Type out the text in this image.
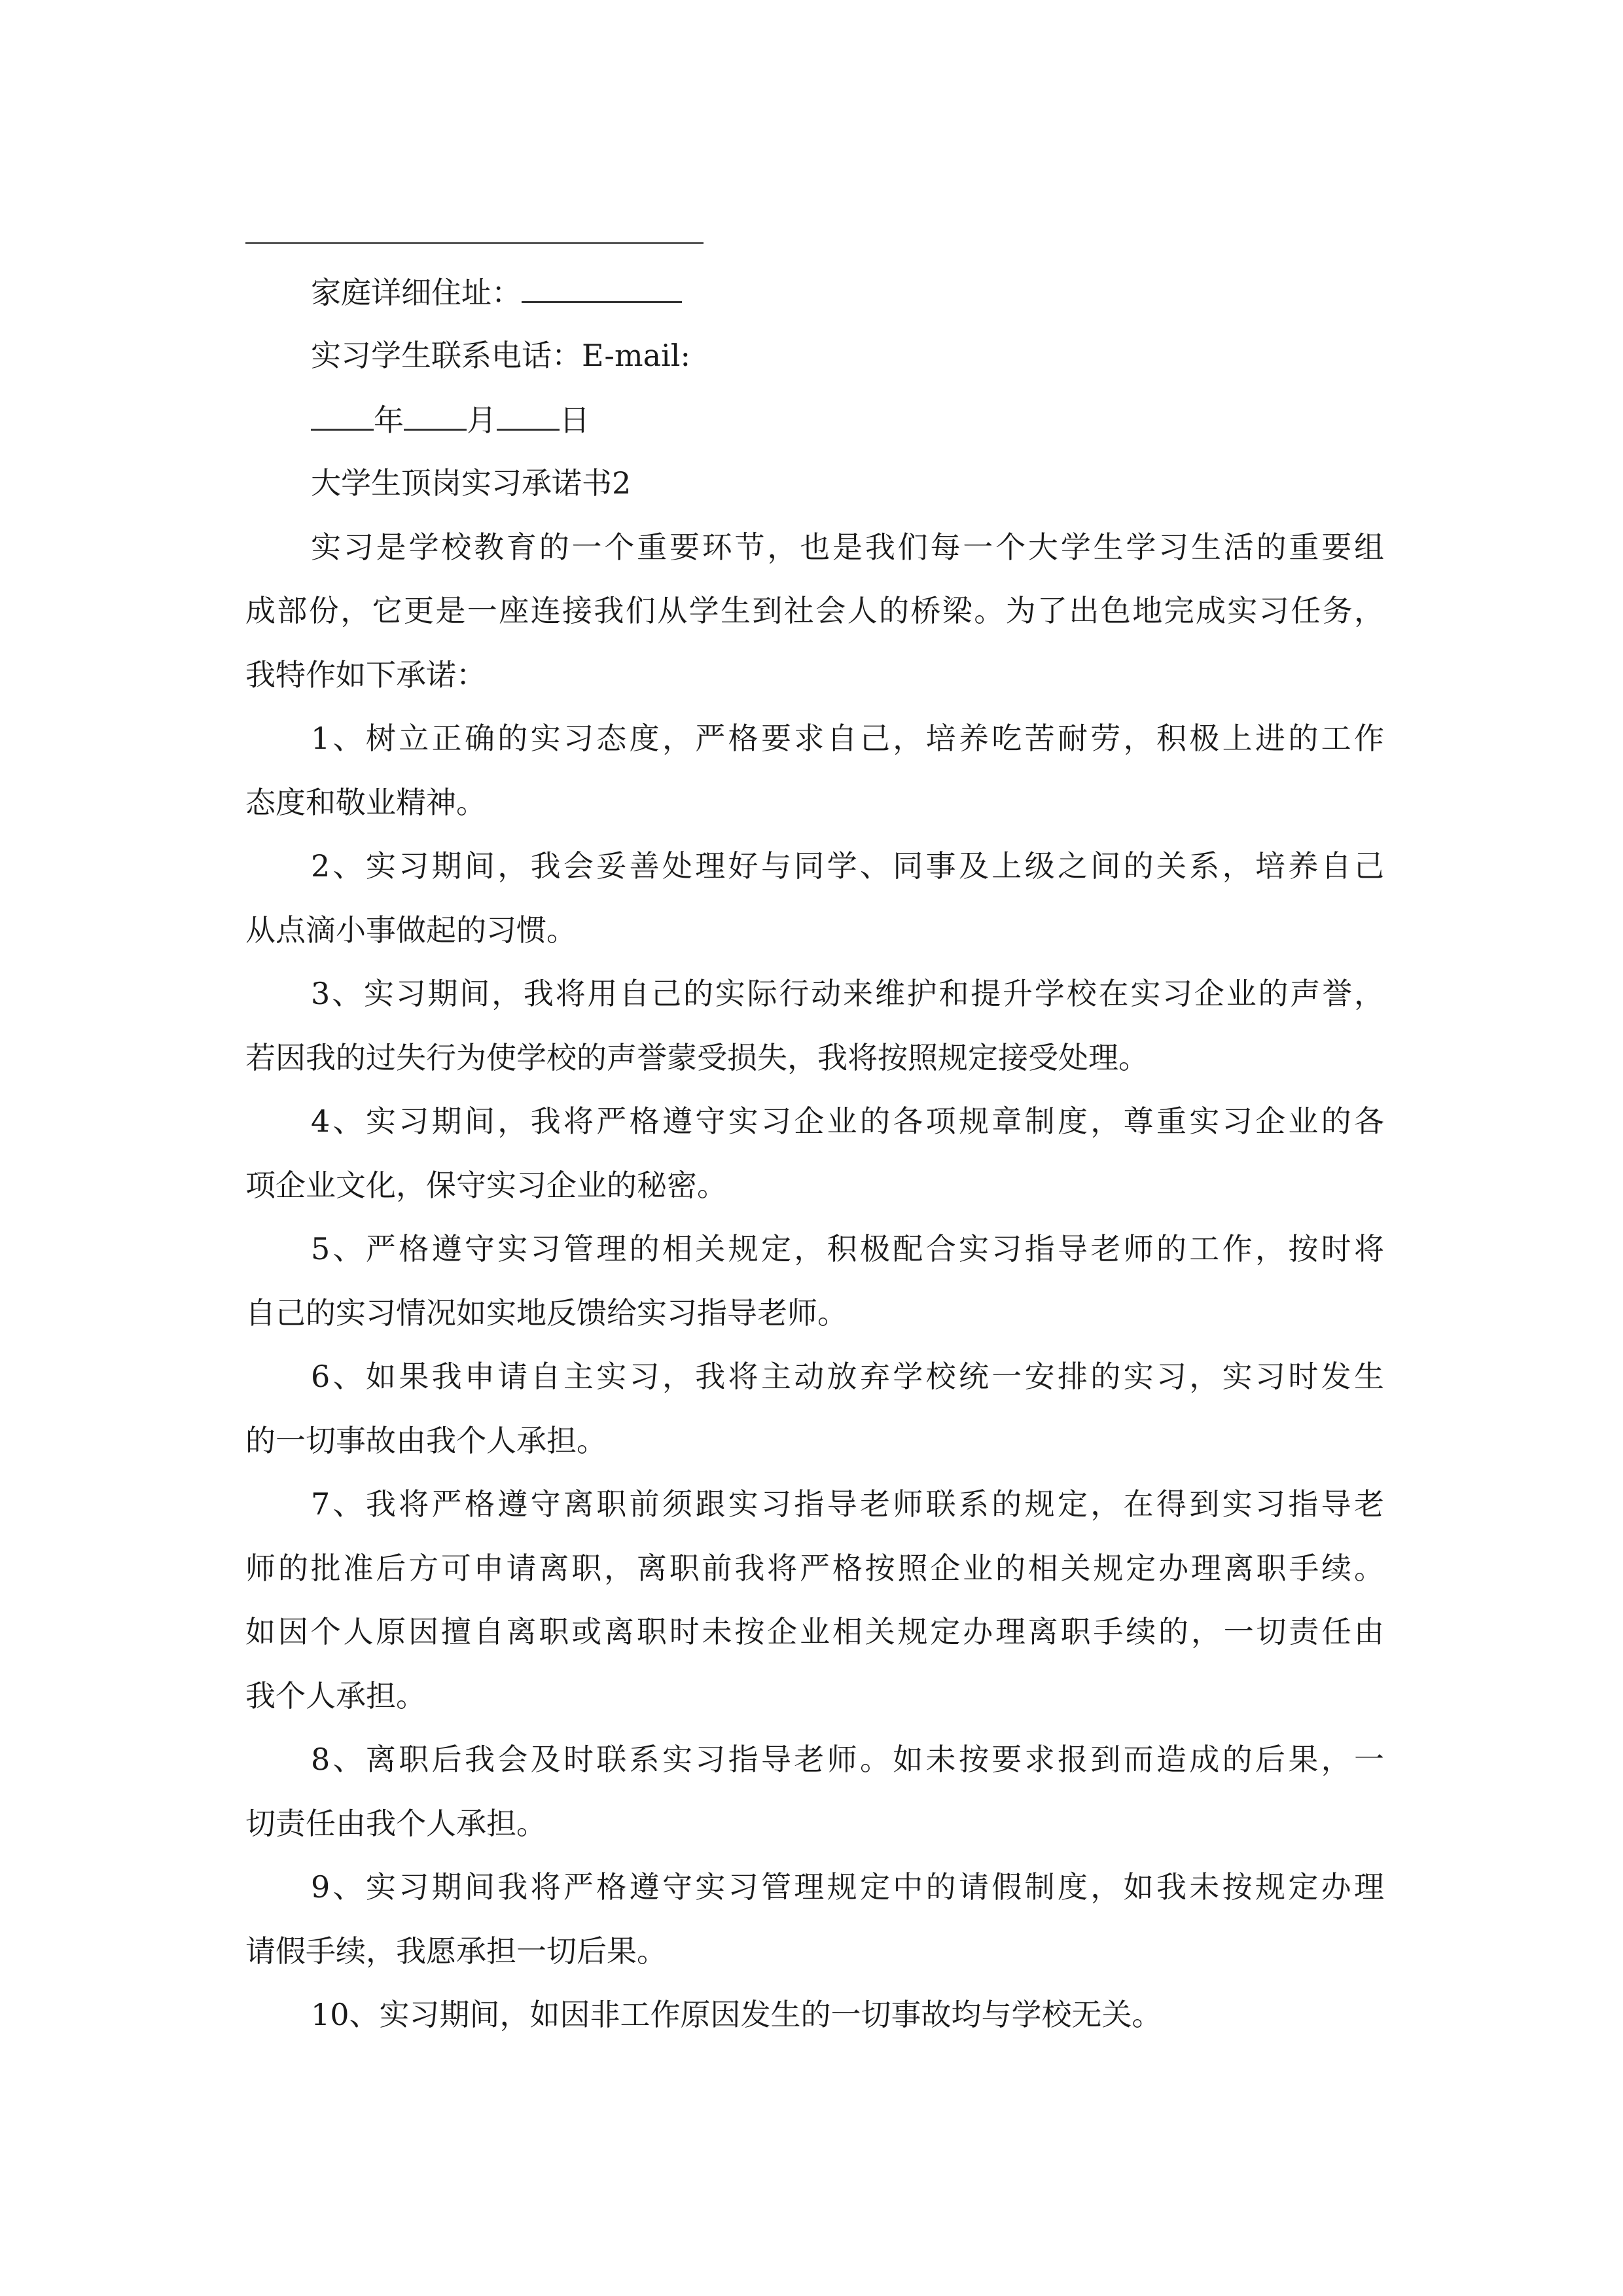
家庭详细住址：
实习学生联系电话：E-mail:
年 月 日
大学生顶岗实习承诺书2
实习是学校教育的一个重要环节，也是我们每一个大学生学习生活的重要组
成部份，它更是一座连接我们从学生到社会人的桥梁。为了出色地完成实习任务，
我特作如下承诺：
1、树立正确的实习态度，严格要求自己，培养吃苦耐劳，积极上进的工作
态度和敬业精神。
2、实习期间，我会妥善处理好与同学、同事及上级之间的关系，培养自己
从点滴小事做起的习惯。
3、实习期间，我将用自己的实际行动来维护和提升学校在实习企业的声誉，
若因我的过失行为使学校的声誉蒙受损失，我将按照规定接受处理。
4、实习期间，我将严格遵守实习企业的各项规章制度，尊重实习企业的各
项企业文化，保守实习企业的秘密。
5、严格遵守实习管理的相关规定，积极配合实习指导老师的工作，按时将
自己的实习情况如实地反馈给实习指导老师。
6、如果我申请自主实习，我将主动放弃学校统一安排的实习，实习时发生
的一切事故由我个人承担。
7、我将严格遵守离职前须跟实习指导老师联系的规定，在得到实习指导老
师的批准后方可申请离职，离职前我将严格按照企业的相关规定办理离职手续。
如因个人原因擅自离职或离职时未按企业相关规定办理离职手续的，一切责任由
我个人承担。
8、离职后我会及时联系实习指导老师。如未按要求报到而造成的后果，一
切责任由我个人承担。
9、实习期间我将严格遵守实习管理规定中的请假制度，如我未按规定办理
请假手续，我愿承担一切后果。
10、实习期间，如因非工作原因发生的一切事故均与学校无关。
